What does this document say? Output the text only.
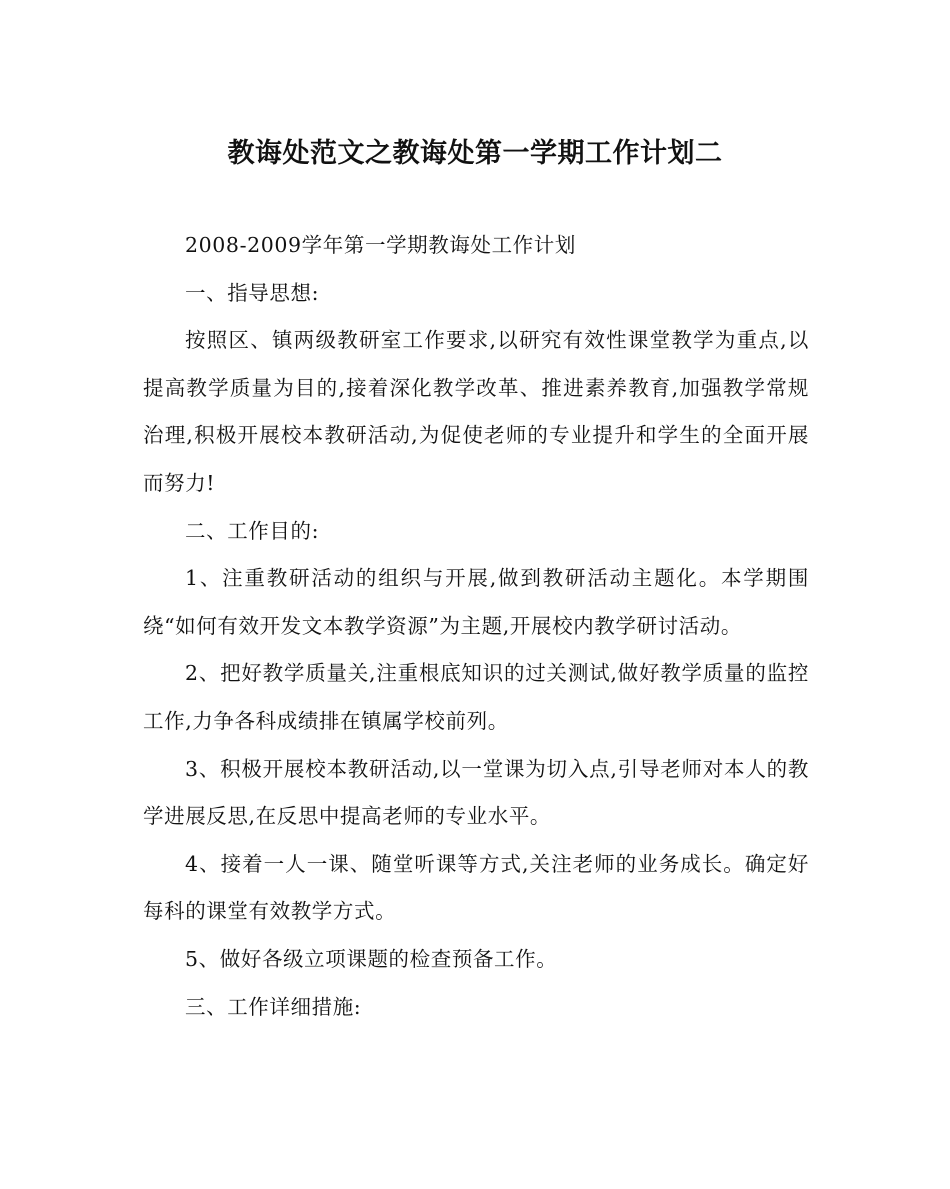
教诲处范文之教诲处第一学期工作计划二

2008-2009学年第一学期教诲处工作计划

一、指导思想:

按照区、镇两级教研室工作要求,以研究有效性课堂教学为重点,以提高教学质量为目的,接着深化教学改革、推进素养教育,加强教学常规治理,积极开展校本教研活动,为促使老师的专业提升和学生的全面开展而努力!

二、工作目的:

1、注重教研活动的组织与开展,做到教研活动主题化。本学期围绕“如何有效开发文本教学资源”为主题,开展校内教学研讨活动。

2、把好教学质量关,注重根底知识的过关测试,做好教学质量的监控工作,力争各科成绩排在镇属学校前列。

3、积极开展校本教研活动,以一堂课为切入点,引导老师对本人的教学进展反思,在反思中提高老师的专业水平。

4、接着一人一课、随堂听课等方式,关注老师的业务成长。确定好每科的课堂有效教学方式。

5、做好各级立项课题的检查预备工作。

三、工作详细措施:
